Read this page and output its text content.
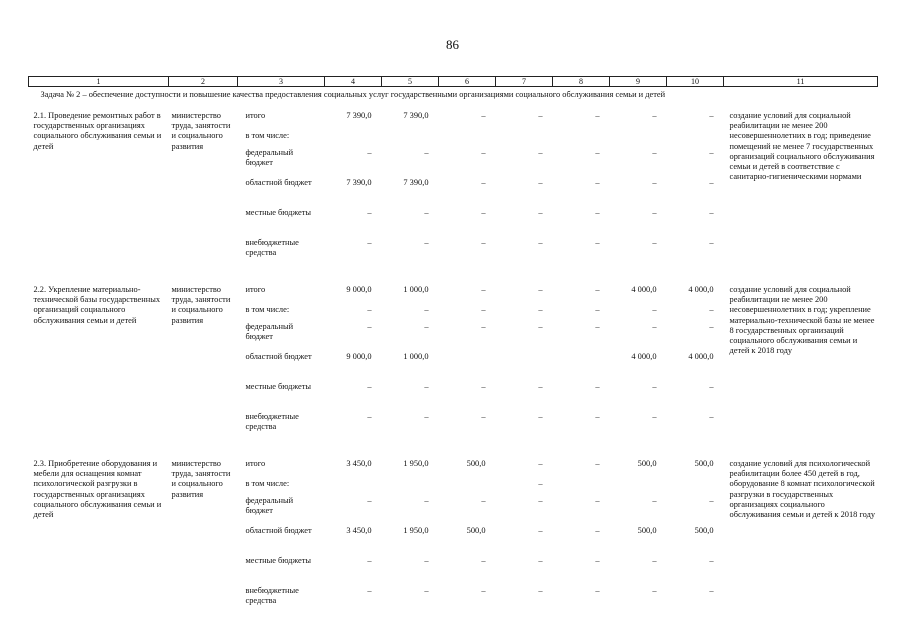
86
1	2	3	4	5	6	7	8	9	10	11
Задача № 2 – обеспечение доступности и повышение качества предоставления социальных услуг государственными организациями социального обслуживания семьи и детей										
2.1. Проведение ремонтных работ в государственных организациях социального обслуживания семьи и детей	министерство труда, занятости и социального развития	итого	7 390,0	7 390,0	–	–	–	–	–	создание условий для социальной реабилитации не менее 200 несовершеннолетних в год; приведение помещений не менее 7 государственных организаций социального обслуживания семьи и детей в соответствие с санитарно-гигиеническими нормами
		в том числе:								
		федеральный бюджет	–	–	–	–	–	–	–	
		областной бюджет	7 390,0	7 390,0	–	–	–	–	–	
		местные бюджеты	–	–	–	–	–	–	–	
		внебюджетные средства	–	–	–	–	–	–	–	

2.2. Укрепление материально-технической базы государственных организаций социального обслуживания семьи и детей	министерство труда, занятости и социального развития	итого	9 000,0	1 000,0	–	–	–	4 000,0	4 000,0	создание условий для социальной реабилитации не менее 200 несовершеннолетних в год; укрепление материально-технической базы не менее 8 государственных организаций социального обслуживания семьи и детей к 2018 году
		в том числе:	–	–	–	–	–	–	–	
		федеральный бюджет	–	–	–	–	–	–	–	
		областной бюджет	9 000,0	1 000,0				4 000,0	4 000,0	
		местные бюджеты	–	–	–	–	–	–	–	
		внебюджетные средства	–	–	–	–	–	–	–	

2.3. Приобретение оборудования и мебели для оснащения комнат психологической разгрузки в государственных организациях социального обслуживания семьи и детей	министерство труда, занятости и социального развития	итого	3 450,0	1 950,0	500,0	–	–	500,0	500,0	создание условий для психологической реабилитации более 450 детей в год, оборудование 8 комнат психологической разгрузки в государственных организациях социального обслуживания семьи и детей к 2018 году
		в том числе:				–				
		федеральный бюджет	–	–	–	–	–	–	–	
		областной бюджет	3 450,0	1 950,0	500,0	–	–	500,0	500,0	
		местные бюджеты	–	–	–	–	–	–	–	
		внебюджетные средства	–	–	–	–	–	–	–	
